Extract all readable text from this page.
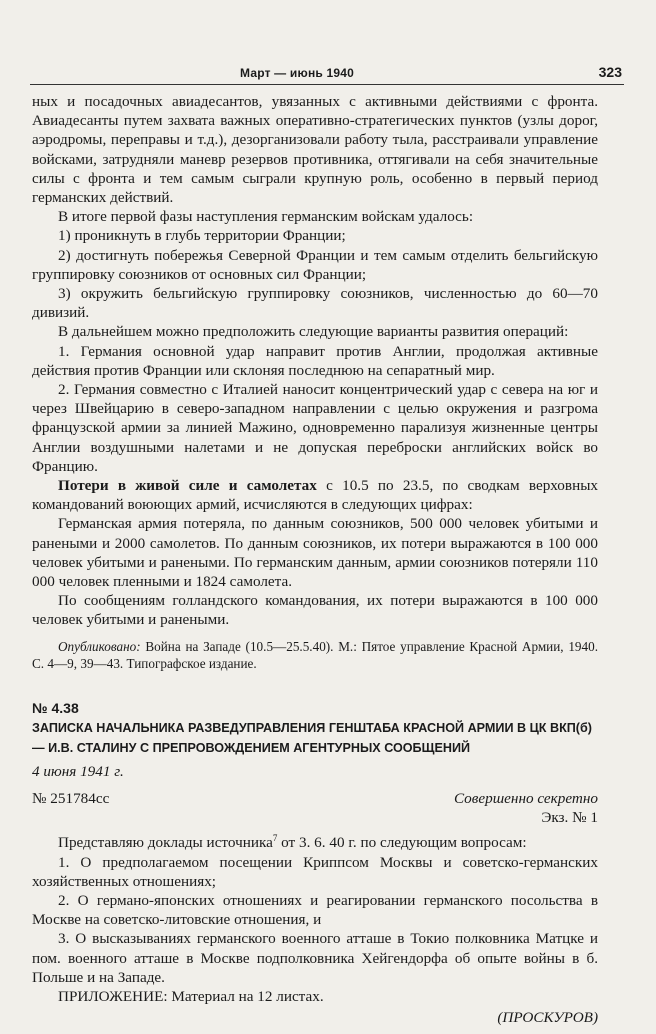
Март — июнь 1940	323

ных и посадочных авиадесантов, увязанных с активными действиями с фронта. Авиадесанты путем захвата важных оперативно-стратегических пунктов (узлы дорог, аэродромы, переправы и т.д.), дезорганизовали работу тыла, расстраивали управление войсками, затрудняли маневр резервов противника, оттягивали на себя значительные силы с фронта и тем самым сыграли крупную роль, особенно в первый период германских действий.

В итоге первой фазы наступления германским войскам удалось:

1) проникнуть в глубь территории Франции;

2) достигнуть побережья Северной Франции и тем самым отделить бельгийскую группировку союзников от основных сил Франции;

3) окружить бельгийскую группировку союзников, численностью до 60—70 дивизий.

В дальнейшем можно предположить следующие варианты развития операций:

1. Германия основной удар направит против Англии, продолжая активные действия против Франции или склоняя последнюю на сепаратный мир.

2. Германия совместно с Италией наносит концентрический удар с севера на юг и через Швейцарию в северо-западном направлении с целью окружения и разгрома французской армии за линией Мажино, одновременно парализуя жизненные центры Англии воздушными налетами и не допуская переброски английских войск во Францию.

Потери в живой силе и самолетах с 10.5 по 23.5, по сводкам верховных командований воюющих армий, исчисляются в следующих цифрах:

Германская армия потеряла, по данным союзников, 500 000 человек убитыми и ранеными и 2000 самолетов. По данным союзников, их потери выражаются в 100 000 человек убитыми и ранеными. По германским данным, армии союзников потеряли 110 000 человек пленными и 1824 самолета.

По сообщениям голландского командования, их потери выражаются в 100 000 человек убитыми и ранеными.

Опубликовано: Война на Западе (10.5—25.5.40). М.: Пятое управление Красной Армии, 1940. С. 4—9, 39—43. Типографское издание.

№ 4.38
ЗАПИСКА НАЧАЛЬНИКА РАЗВЕДУПРАВЛЕНИЯ ГЕНШТАБА КРАСНОЙ АРМИИ В ЦК ВКП(б) — И.В. СТАЛИНУ С ПРЕПРОВОЖДЕНИЕМ АГЕНТУРНЫХ СООБЩЕНИЙ

4 июня 1941 г.

№ 251784сс	Совершенно секретно

Экз. № 1

Представляю доклады источника$^7$ от 3. 6. 40 г. по следующим вопросам:

1. О предполагаемом посещении Криппсом Москвы и советско-германских хозяйственных отношениях;

2. О германо-японских отношениях и реагировании германского посольства в Москве на советско-литовские отношения, и

3. О высказываниях германского военного атташе в Токио полковника Матцке и пом. военного атташе в Москве подполковника Хейгендорфа об опыте войны в б. Польше и на Западе.

ПРИЛОЖЕНИЕ: Материал на 12 листах.

(ПРОСКУРОВ)
